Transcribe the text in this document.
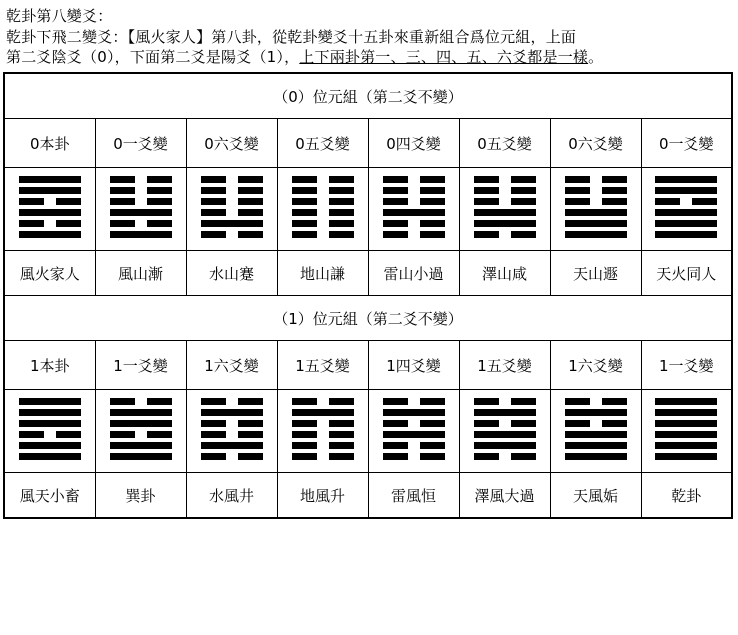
乾卦第八變爻：
乾卦下飛二變爻：【風火家人】第八卦，從乾卦變爻十五卦來重新組合爲位元組，上面
第二爻陰爻（0），下面第二爻是陽爻（1），上下兩卦第一、三、四、五、六爻都是一樣。
（0）位元組（第二爻不變）							
0本卦	0一爻變	0六爻變	0五爻變	0四爻變	0五爻變	0六爻變	0一爻變

風火家人	風山漸	水山蹇	地山謙	雷山小過	澤山咸	天山遯	天火同人
（1）位元組（第二爻不變）							
1本卦	1一爻變	1六爻變	1五爻變	1四爻變	1五爻變	1六爻變	1一爻變

風天小畜	巽卦	水風井	地風升	雷風恒	澤風大過	天風姤	乾卦
